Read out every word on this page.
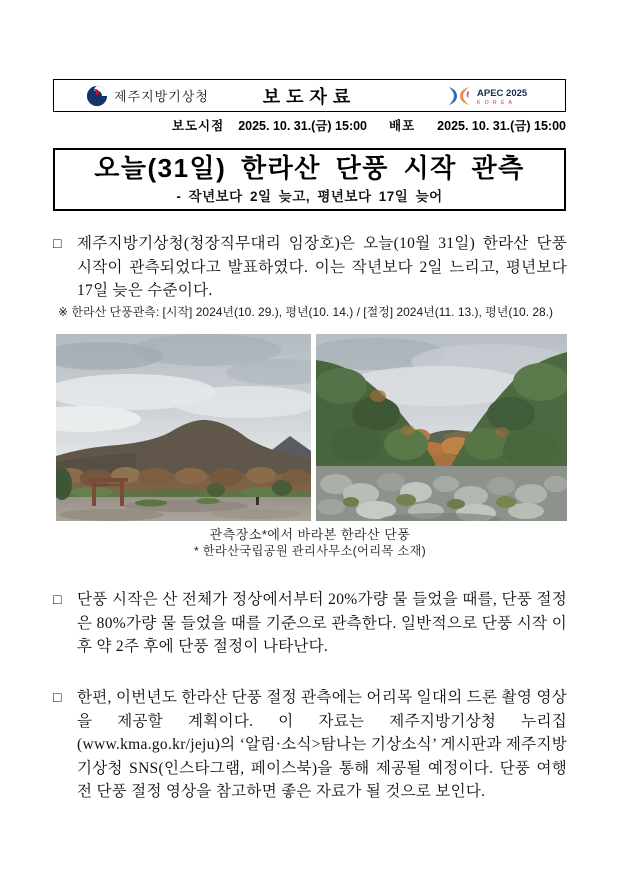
제주지방기상청	보도자료	APEC 2025
K O R E A
보도시점 2025. 10. 31.(금) 15:00 배포 2025. 10. 31.(금) 15:00
오늘(31일) 한라산 단풍 시작 관측
- 작년보다 2일 늦고, 평년보다 17일 늦어
□ 제주지방기상청(청장직무대리 임장호)은 오늘(10월 31일) 한라산 단풍 시작이 관측되었다고 발표하였다. 이는 작년보다 2일 느리고, 평년보다 17일 늦은 수준이다.
※ 한라산 단풍관측: [시작] 2024년(10. 29.), 평년(10. 14.) / [절정] 2024년(11. 13.), 평년(10. 28.)
관측장소*에서 바라본 한라산 단풍
* 한라산국립공원 관리사무소(어리목 소재)
□ 단풍 시작은 산 전체가 정상에서부터 20%가량 물 들었을 때를, 단풍 절정은 80%가량 물 들었을 때를 기준으로 관측한다. 일반적으로 단풍 시작 이후 약 2주 후에 단풍 절정이 나타난다.
□ 한편, 이번년도 한라산 단풍 절정 관측에는 어리목 일대의 드론 촬영 영상을 제공할 계획이다. 이 자료는 제주지방기상청 누리집 (www.kma.go.kr/jeju)의 ‘알림·소식>탐나는 기상소식’ 게시판과 제주지방기상청 SNS(인스타그램, 페이스북)을 통해 제공될 예정이다. 단풍 여행 전 단풍 절정 영상을 참고하면 좋은 자료가 될 것으로 보인다.
